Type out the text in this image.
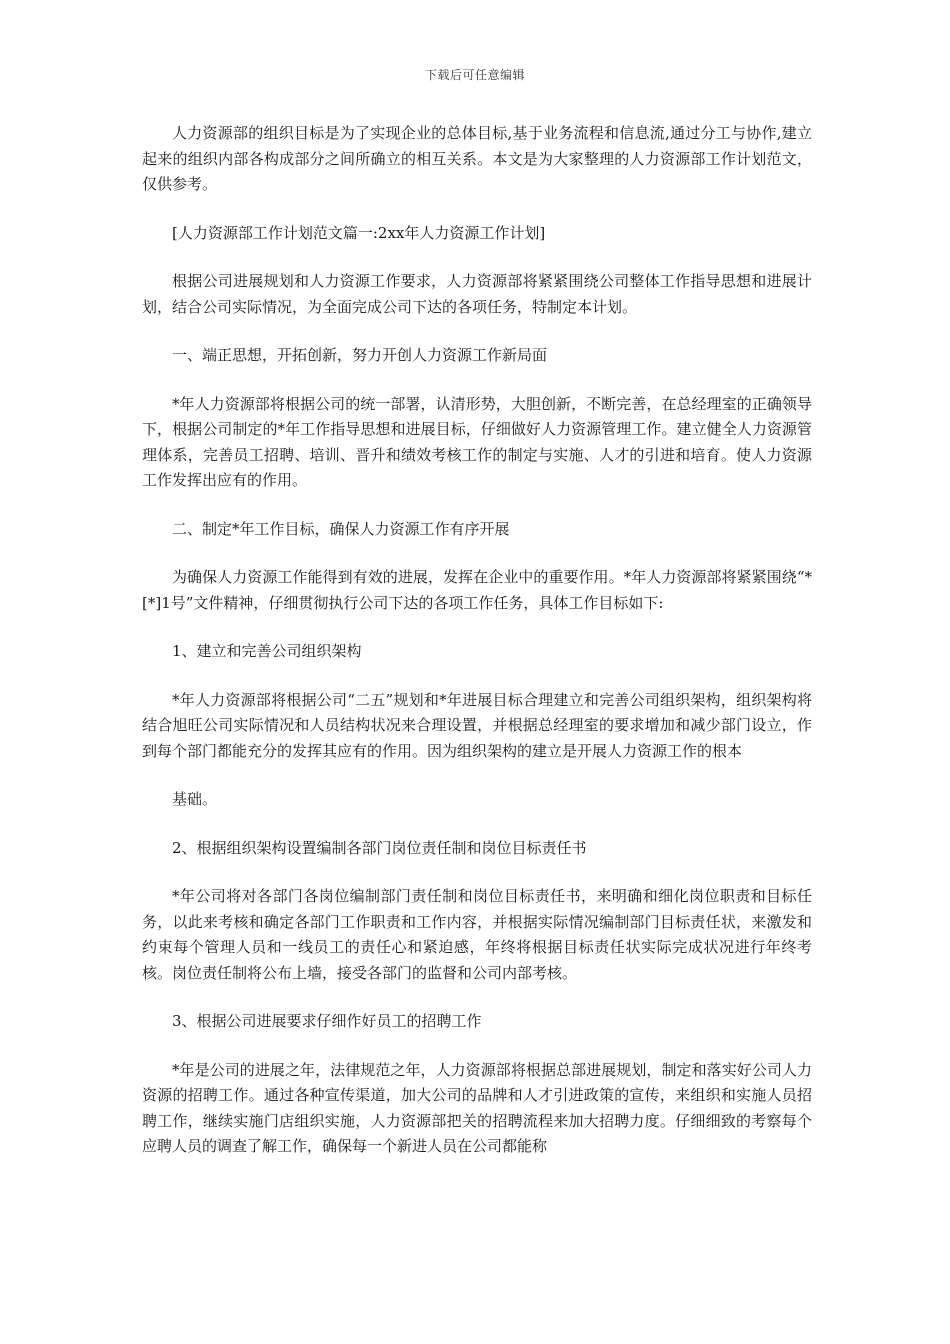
下载后可任意编辑

人力资源部的组织目标是为了实现企业的总体目标,基于业务流程和信息流,通过分工与协作,建立起来的组织内部各构成部分之间所确立的相互关系。本文是为大家整理的人力资源部工作计划范文，仅供参考。

[人力资源部工作计划范文篇一:2xx年人力资源工作计划]

根据公司进展规划和人力资源工作要求，人力资源部将紧紧围绕公司整体工作指导思想和进展计划，结合公司实际情况，为全面完成公司下达的各项任务，特制定本计划。

一、端正思想，开拓创新，努力开创人力资源工作新局面

*年人力资源部将根据公司的统一部署，认清形势，大胆创新，不断完善，在总经理室的正确领导下，根据公司制定的*年工作指导思想和进展目标，仔细做好人力资源管理工作。建立健全人力资源管理体系，完善员工招聘、培训、晋升和绩效考核工作的制定与实施、人才的引进和培育。使人力资源工作发挥出应有的作用。

二、制定*年工作目标，确保人力资源工作有序开展

为确保人力资源工作能得到有效的进展，发挥在企业中的重要作用。*年人力资源部将紧紧围绕“*[*]1号”文件精神，仔细贯彻执行公司下达的各项工作任务，具体工作目标如下:

1、建立和完善公司组织架构

*年人力资源部将根据公司“二五”规划和*年进展目标合理建立和完善公司组织架构，组织架构将结合旭旺公司实际情况和人员结构状况来合理设置，并根据总经理室的要求增加和减少部门设立，作到每个部门都能充分的发挥其应有的作用。因为组织架构的建立是开展人力资源工作的根本

基础。

2、根据组织架构设置编制各部门岗位责任制和岗位目标责任书

*年公司将对各部门各岗位编制部门责任制和岗位目标责任书，来明确和细化岗位职责和目标任务，以此来考核和确定各部门工作职责和工作内容，并根据实际情况编制部门目标责任状，来激发和约束每个管理人员和一线员工的责任心和紧迫感，年终将根据目标责任状实际完成状况进行年终考核。岗位责任制将公布上墙，接受各部门的监督和公司内部考核。

3、根据公司进展要求仔细作好员工的招聘工作

*年是公司的进展之年，法律规范之年，人力资源部将根据总部进展规划，制定和落实好公司人力资源的招聘工作。通过各种宣传渠道，加大公司的品牌和人才引进政策的宣传，来组织和实施人员招聘工作，继续实施门店组织实施，人力资源部把关的招聘流程来加大招聘力度。仔细细致的考察每个应聘人员的调查了解工作，确保每一个新进人员在公司都能称
